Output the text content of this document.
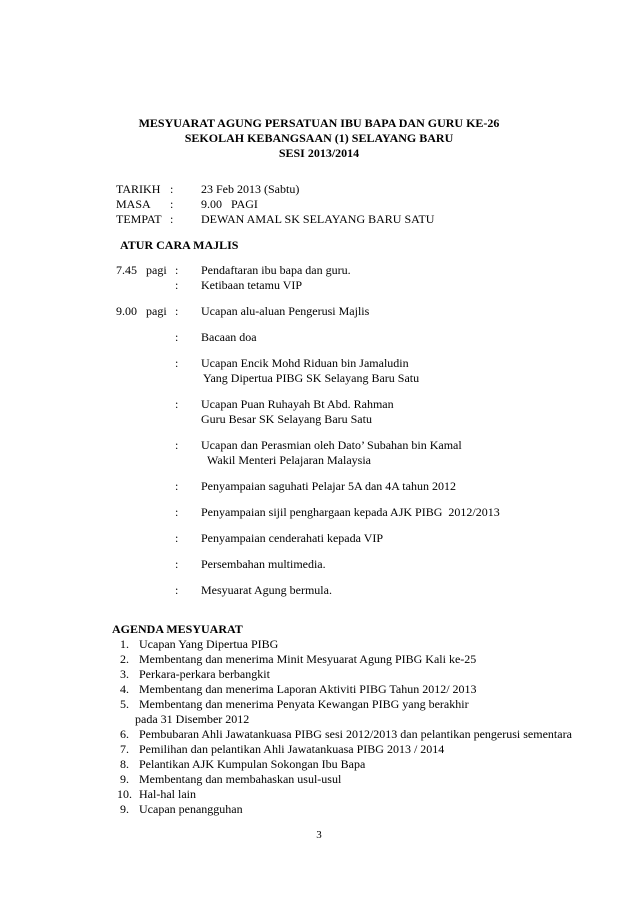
MESYUARAT AGUNG PERSATUAN IBU BAPA DAN GURU KE-26
SEKOLAH KEBANGSAAN (1) SELAYANG BARU
SESI 2013/2014
TARIKH : 23 Feb 2013 (Sabtu)
MASA : 9.00   PAGI
TEMPAT : DEWAN AMAL SK SELAYANG BARU SATU
ATUR CARA MAJLIS
7.45   pagi : Pendaftaran ibu bapa dan guru.
: Ketibaan tetamu VIP
9.00   pagi : Ucapan alu-aluan Pengerusi Majlis
: Bacaan doa
: Ucapan Encik Mohd Riduan bin Jamaludin
Yang Dipertua PIBG SK Selayang Baru Satu
: Ucapan Puan Ruhayah Bt Abd. Rahman
Guru Besar SK Selayang Baru Satu
: Ucapan dan Perasmian oleh Dato’ Subahan bin Kamal
Wakil Menteri Pelajaran Malaysia
: Penyampaian saguhati Pelajar 5A dan 4A tahun 2012
: Penyampaian sijil penghargaan kepada AJK PIBG  2012/2013
: Penyampaian cenderahati kepada VIP
: Persembahan multimedia.
: Mesyuarat Agung bermula.
AGENDA MESYUARAT
1. Ucapan Yang Dipertua PIBG
2. Membentang dan menerima Minit Mesyuarat Agung PIBG Kali ke-25
3. Perkara-perkara berbangkit
4. Membentang dan menerima Laporan Aktiviti PIBG Tahun 2012/ 2013
5. Membentang dan menerima Penyata Kewangan PIBG yang berakhir
pada 31 Disember 2012
6. Pembubaran Ahli Jawatankuasa PIBG sesi 2012/2013 dan pelantikan pengerusi sementara
7. Pemilihan dan pelantikan Ahli Jawatankuasa PIBG 2013 / 2014
8. Pelantikan AJK Kumpulan Sokongan Ibu Bapa
9. Membentang dan membahaskan usul-usul
10. Hal-hal lain
9. Ucapan penangguhan
3
